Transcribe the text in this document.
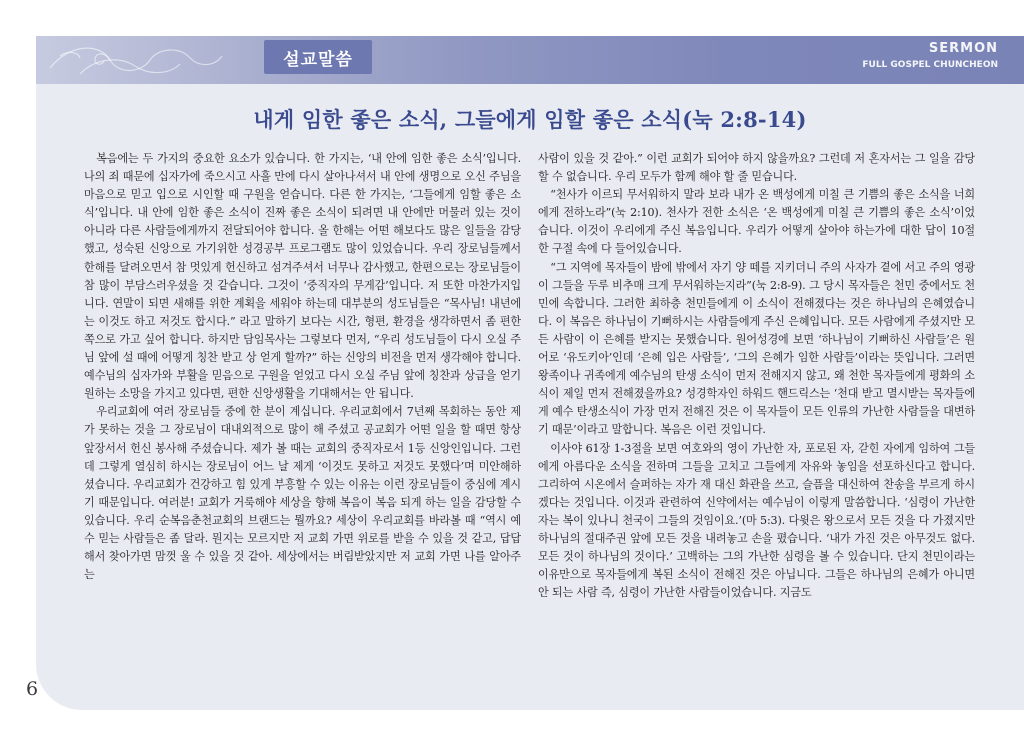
설교말씀
SERMON
FULL GOSPEL CHUNCHEON
내게 임한 좋은 소식, 그들에게 임할 좋은 소식(눅 2:8-14)

복음에는 두 가지의 중요한 요소가 있습니다. 한 가지는, ‘내 안에 임한 좋은 소식’입니다. 나의 죄 때문에 십자가에 죽으시고 사흘 만에 다시 살아나셔서 내 안에 생명으로 오신 주님을 마음으로 믿고 입으로 시인할 때 구원을 얻습니다. 다른 한 가지는, ‘그들에게 임할 좋은 소식’입니다. 내 안에 임한 좋은 소식이 진짜 좋은 소식이 되려면 내 안에만 머물러 있는 것이 아니라 다른 사람들에게까지 전달되어야 합니다. 올 한해는 어떤 해보다도 많은 일들을 감당했고, 성숙된 신앙으로 가기위한 성경공부 프로그램도 많이 있었습니다. 우리 장로님들께서 한해를 달려오면서 참 멋있게 헌신하고 섬겨주셔서 너무나 감사했고, 한편으로는 장로님들이 참 많이 부담스러우셨을 것 같습니다. 그것이 ‘중직자의 무게감’입니다. 저 또한 마찬가지입니다. 연말이 되면 새해를 위한 계획을 세워야 하는데 대부분의 성도님들은 “목사님! 내년에는 이것도 하고 저것도 합시다.” 라고 말하기 보다는 시간, 형편, 환경을 생각하면서 좀 편한 쪽으로 가고 싶어 합니다. 하지만 담임목사는 그렇보다 먼저, “우리 성도님들이 다시 오실 주님 앞에 설 때에 어떻게 칭찬 받고 상 얻게 할까?” 하는 신앙의 비전을 먼저 생각해야 합니다. 예수님의 십자가와 부활을 믿음으로 구원을 얻었고 다시 오실 주님 앞에 칭찬과 상급을 얻기 원하는 소망을 가지고 있다면, 편한 신앙생활을 기대해서는 안 됩니다.

우리교회에 여러 장로님들 중에 한 분이 계십니다. 우리교회에서 7년째 목회하는 동안 제가 못하는 것을 그 장로님이 대내외적으로 많이 해 주셨고 공교회가 어떤 일을 할 때면 항상 앞장서서 헌신 봉사해 주셨습니다. 제가 볼 때는 교회의 중직자로서 1등 신앙인입니다. 그런데 그렇게 열심히 하시는 장로님이 어느 날 제게 ‘이것도 못하고 저것도 못했다’며 미안해하셨습니다. 우리교회가 건강하고 힘 있게 부흥할 수 있는 이유는 이런 장로님들이 중심에 계시기 때문입니다. 여러분! 교회가 거룩해야 세상을 향해 복음이 복음 되게 하는 일을 감당할 수 있습니다. 우리 순복음춘천교회의 브랜드는 뭘까요? 세상이 우리교회를 바라볼 때 “역시 예수 믿는 사람들은 좀 달라. 뭔지는 모르지만 저 교회 가면 위로를 받을 수 있을 것 같고, 답답해서 찾아가면 맘껏 울 수 있을 것 같아. 세상에서는 버림받았지만 저 교회 가면 나를 알아주는

사람이 있을 것 같아.” 이런 교회가 되어야 하지 않을까요? 그런데 저 혼자서는 그 일을 감당할 수 없습니다. 우리 모두가 함께 해야 할 줄 믿습니다.

“천사가 이르되 무서워하지 말라 보라 내가 온 백성에게 미칠 큰 기쁨의 좋은 소식을 너희에게 전하노라”(눅 2:10). 천사가 전한 소식은 ‘온 백성에게 미칠 큰 기쁨의 좋은 소식’이었습니다. 이것이 우리에게 주신 복음입니다. 우리가 어떻게 살아야 하는가에 대한 답이 10절 한 구절 속에 다 들어있습니다.

“그 지역에 목자들이 밤에 밖에서 자기 양 떼를 지키더니 주의 사자가 곁에 서고 주의 영광이 그들을 두루 비추매 크게 무서워하는지라”(눅 2:8-9). 그 당시 목자들은 천민 중에서도 천민에 속합니다. 그러한 최하층 천민들에게 이 소식이 전해졌다는 것은 하나님의 은혜였습니다. 이 복음은 하나님이 기뻐하시는 사람들에게 주신 은혜입니다. 모든 사람에게 주셨지만 모든 사람이 이 은혜를 받지는 못했습니다. 원어성경에 보면 ‘하나님이 기뻐하신 사람들’은 원어로 ‘유도키아’인데 ‘은혜 입은 사람들’, ‘그의 은혜가 임한 사람들’이라는 뜻입니다. 그러면 왕족이나 귀족에게 예수님의 탄생 소식이 먼저 전해지지 않고, 왜 천한 목자들에게 평화의 소식이 제일 먼저 전해졌을까요? 성경학자인 하워드 핸드릭스는 ‘천대 받고 멸시받는 목자들에게 예수 탄생소식이 가장 먼저 전해진 것은 이 목자들이 모든 인류의 가난한 사람들을 대변하기 때문’이라고 말합니다. 복음은 이런 것입니다.

이사야 61장 1-3절을 보면 여호와의 영이 가난한 자, 포로된 자, 갇힌 자에게 임하여 그들에게 아름다운 소식을 전하며 그들을 고치고 그들에게 자유와 놓임을 선포하신다고 합니다. 그리하여 시온에서 슬퍼하는 자가 재 대신 화관을 쓰고, 슬픔을 대신하여 찬송을 부르게 하시겠다는 것입니다. 이것과 관련하여 신약에서는 예수님이 이렇게 말씀합니다. ‘심령이 가난한자는 복이 있나니 천국이 그들의 것임이요.’(마 5:3). 다윗은 왕으로서 모든 것을 다 가졌지만 하나님의 절대주권 앞에 모든 것을 내려놓고 손을 폈습니다. ‘내가 가진 것은 아무것도 없다. 모든 것이 하나님의 것이다.’ 고백하는 그의 가난한 심령을 볼 수 있습니다. 단지 천민이라는 이유만으로 목자들에게 복된 소식이 전해진 것은 아닙니다. 그들은 하나님의 은혜가 아니면 안 되는 사람 즉, 심령이 가난한 사람들이었습니다. 지금도

6
